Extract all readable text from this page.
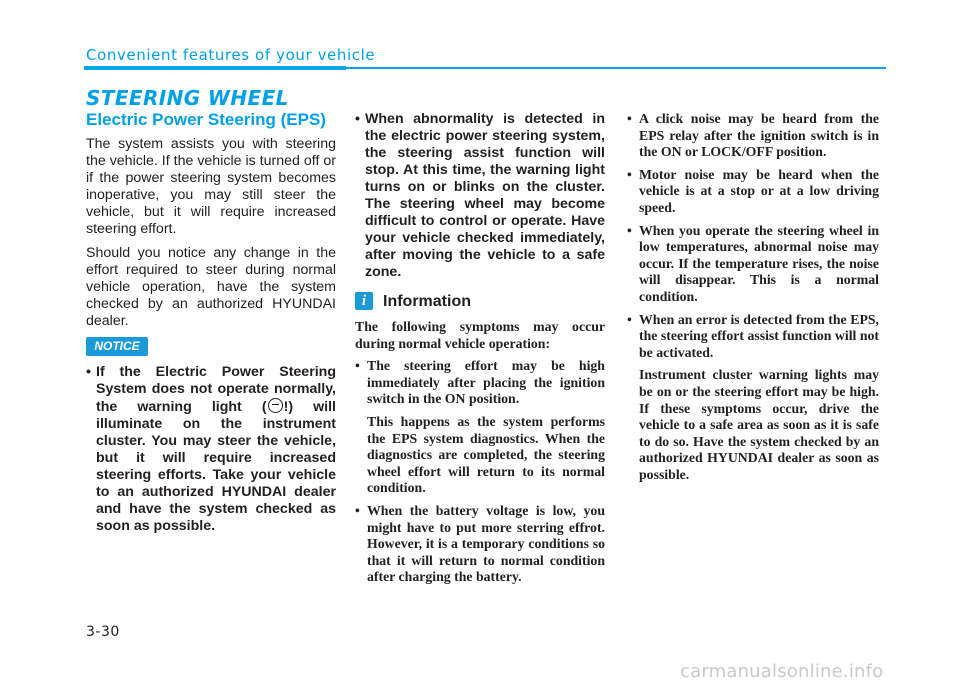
Convenient features of your vehicle
STEERING WHEEL
Electric Power Steering (EPS)

The system assists you with steering the vehicle. If the vehicle is turned off or if the power steering system becomes inoperative, you may still steer the vehicle, but it will require increased steering effort.

Should you notice any change in the effort required to steer during normal vehicle operation, have the system checked by an authorized HYUNDAI dealer.

NOTICE
• If the Electric Power Steering System does not operate normally, the warning light ( !) will illuminate on the instrument cluster. You may steer the vehicle, but it will require increased steering efforts. Take your vehicle to an authorized HYUNDAI dealer and have the system checked as soon as possible.
• When abnormality is detected in the electric power steering system, the steering assist function will stop. At this time, the warning light turns on or blinks on the cluster. The steering wheel may become difficult to control or operate. Have your vehicle checked immediately, after moving the vehicle to a safe zone.
i	Information

The following symptoms may occur during normal vehicle operation:

• The steering effort may be high immediately after placing the ignition switch in the ON position.

This happens as the system performs the EPS system diagnostics. When the diagnostics are completed, the steering wheel effort will return to its normal condition.

• When the battery voltage is low, you might have to put more sterring effrot. However, it is a temporary conditions so that it will return to normal condition after charging the battery.
• A click noise may be heard from the EPS relay after the ignition switch is in the ON or LOCK/OFF position.
• Motor noise may be heard when the vehicle is at a stop or at a low driving speed.
• When you operate the steering wheel in low temperatures, abnormal noise may occur. If the temperature rises, the noise will disappear. This is a normal condition.
• When an error is detected from the EPS, the steering effort assist function will not be activated.

Instrument cluster warning lights may be on or the steering effort may be high. If these symptoms occur, drive the vehicle to a safe area as soon as it is safe to do so. Have the system checked by an authorized HYUNDAI dealer as soon as possible.

3-30
carmanualsonline.info
